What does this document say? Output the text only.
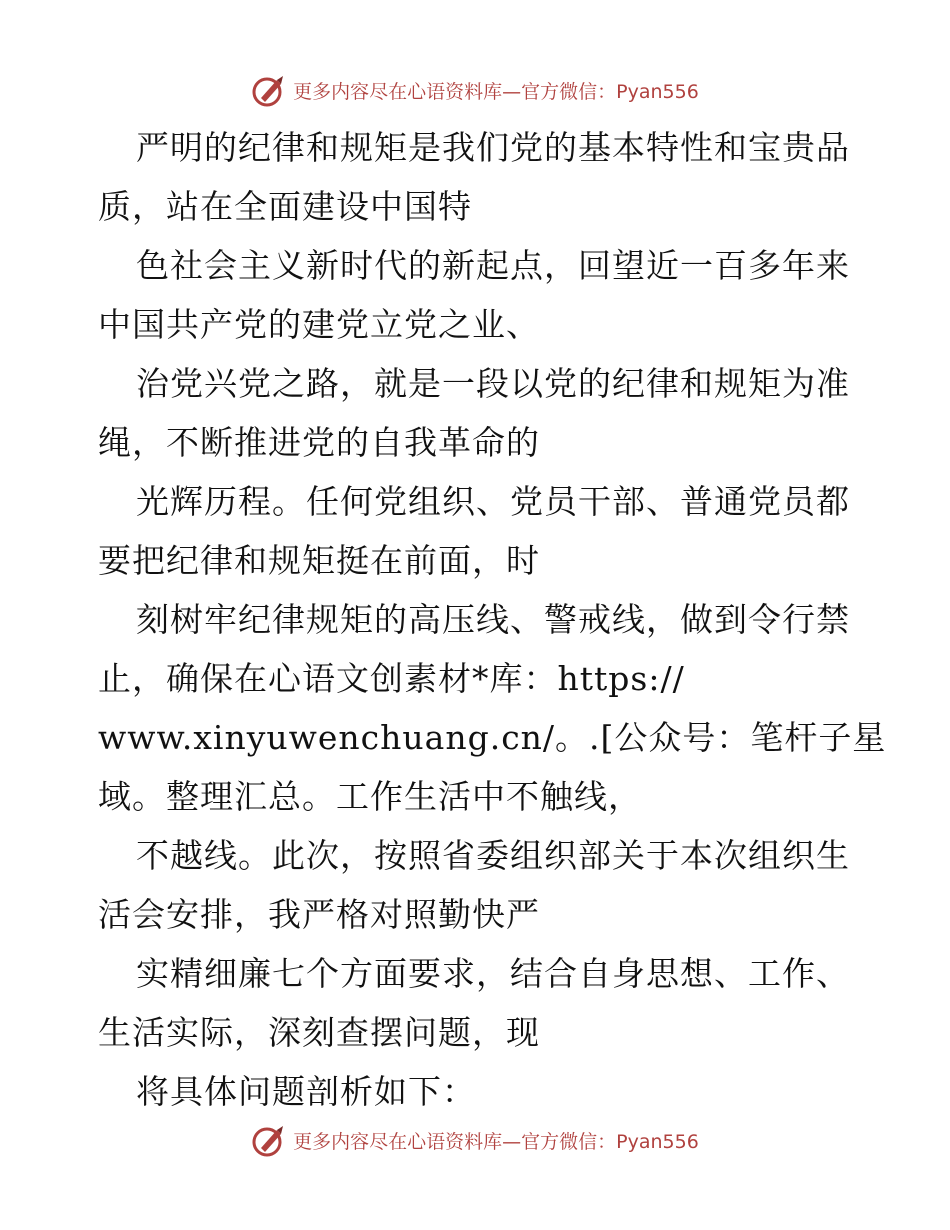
更多内容尽在心语资料库—官方微信：Pyan556
严明的纪律和规矩是我们党的基本特性和宝贵品
质，站在全面建设中国特
色社会主义新时代的新起点，回望近一百多年来
中国共产党的建党立党之业、
治党兴党之路，就是一段以党的纪律和规矩为准
绳，不断推进党的自我革命的
光辉历程。任何党组织、党员干部、普通党员都
要把纪律和规矩挺在前面，时
刻树牢纪律规矩的高压线、警戒线，做到令行禁
止，确保在心语文创素材*库：https://
www.xinyuwenchuang.cn/。.[公众号：笔杆子星
域。整理汇总。工作生活中不触线，
不越线。此次，按照省委组织部关于本次组织生
活会安排，我严格对照勤快严
实精细廉七个方面要求，结合自身思想、工作、
生活实际，深刻查摆问题，现
将具体问题剖析如下：
更多内容尽在心语资料库—官方微信：Pyan556
